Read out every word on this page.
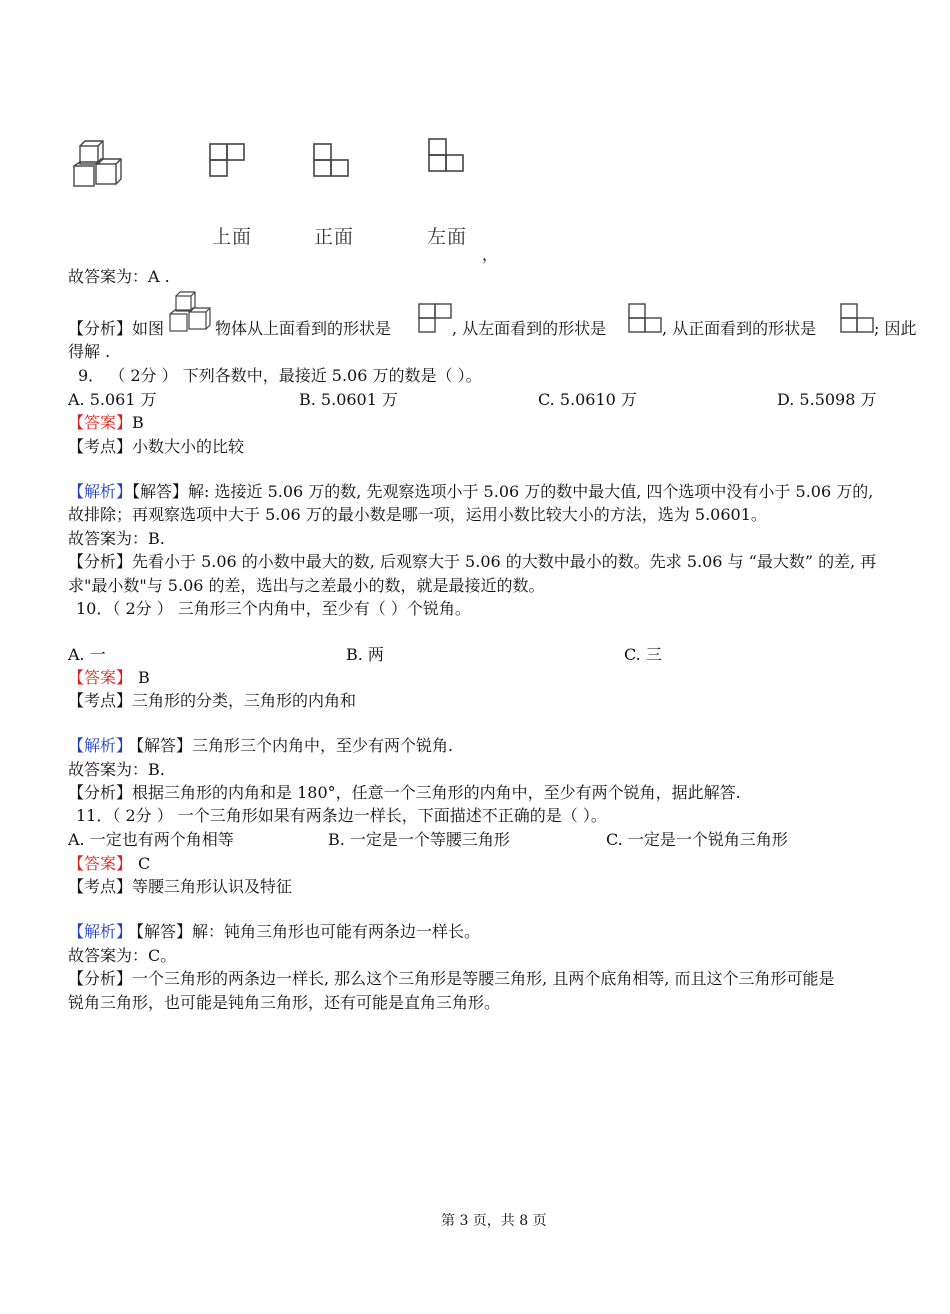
上面	正面	左面
，
故答案为：A .
【分析】如图	物体从上面看到的形状是	, 从左面看到的形状是	, 从正面看到的形状是	; 因此
得解 .
9． （ 2分 ） 下列各数中，最接近 5.06 万的数是（ ）。
A. 5.061 万	B. 5.0601 万	C. 5.0610 万	D. 5.5098 万
【答案】B
【考点】小数大小的比较
【解析】【解答】解: 选接近 5.06 万的数, 先观察选项小于 5.06 万的数中最大值, 四个选项中没有小于 5.06 万的,
故排除；再观察选项中大于 5.06 万的最小数是哪一项，运用小数比较大小的方法，选为 5.0601。
故答案为：B.
【分析】先看小于 5.06 的小数中最大的数, 后观察大于 5.06 的大数中最小的数。先求 5.06 与 “最大数” 的差, 再
求"最小数"与 5.06 的差，选出与之差最小的数，就是最接近的数。
10．（ 2分 ） 三角形三个内角中，至少有（ ）个锐角。
A. 一	B. 两	C. 三
【答案】 B
【考点】三角形的分类，三角形的内角和
【解析】 【解答】三角形三个内角中，至少有两个锐角.
故答案为：B.
【分析】根据三角形的内角和是 180°，任意一个三角形的内角中，至少有两个锐角，据此解答.
11．（ 2分 ） 一个三角形如果有两条边一样长，下面描述不正确的是（ ）。
A. 一定也有两个角相等	B. 一定是一个等腰三角形	C. 一定是一个锐角三角形
【答案】 C
【考点】等腰三角形认识及特征
【解析】 【解答】解：钝角三角形也可能有两条边一样长。
故答案为：C。
【分析】一个三角形的两条边一样长, 那么这个三角形是等腰三角形, 且两个底角相等, 而且这个三角形可能是
锐角三角形，也可能是钝角三角形，还有可能是直角三角形。
第 3 页，共 8 页
